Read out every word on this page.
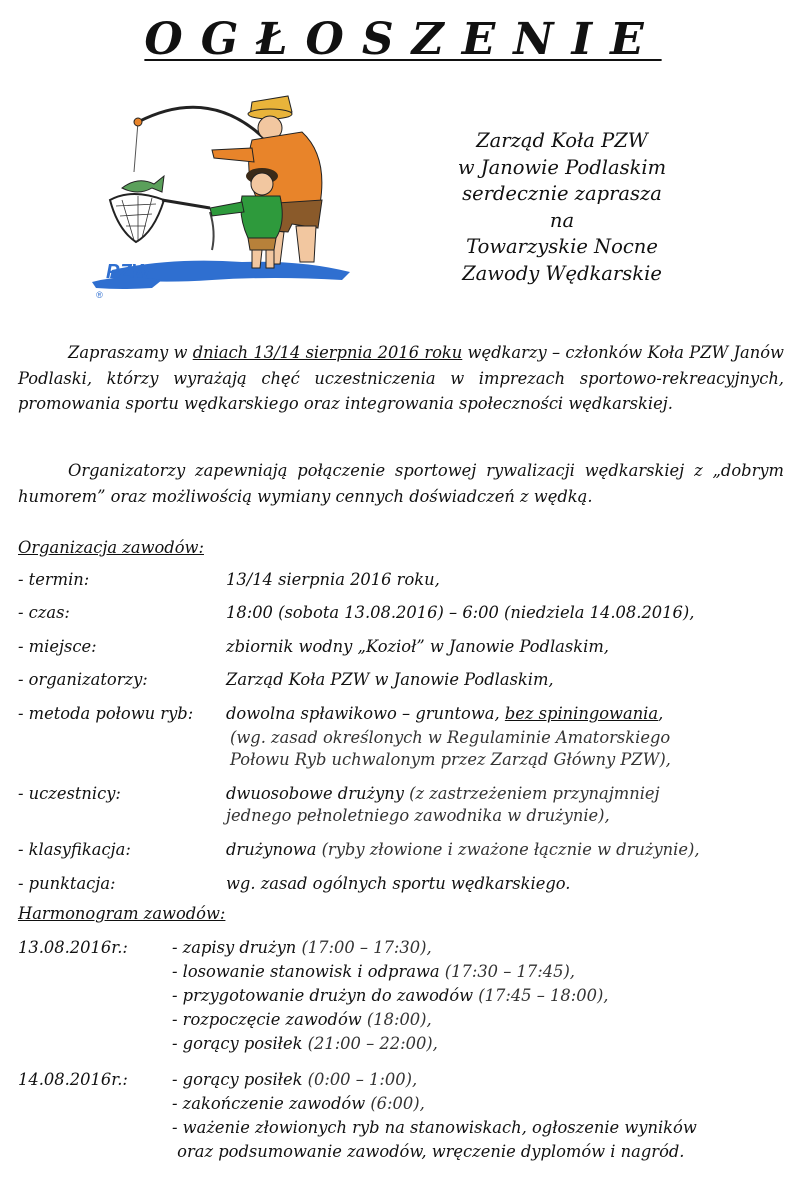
OGŁOSZENIE
PZW
®
Zarząd Koła PZW
w Janowie Podlaskim
serdecznie zaprasza
na
Towarzyskie Nocne
Zawody Wędkarskie
Zapraszamy w dniach 13/14 sierpnia 2016 roku wędkarzy – członków Koła PZW Janów Podlaski, którzy wyrażają chęć uczestniczenia w imprezach sportowo-rekreacyjnych, promowania sportu wędkarskiego oraz integrowania społeczności wędkarskiej.
Organizatorzy zapewniają połączenie sportowej rywalizacji wędkarskiej z „dobrym humorem” oraz możliwością wymiany cennych doświadczeń z wędką.
Organizacja zawodów:
- termin:	13/14 sierpnia 2016 roku,
- czas:	18:00 (sobota 13.08.2016) – 6:00 (niedziela 14.08.2016),
- miejsce:	zbiornik wodny „Kozioł” w Janowie Podlaskim,
- organizatorzy:	Zarząd Koła PZW w Janowie Podlaskim,
- metoda połowu ryb: dowolna spławikowo – gruntowa, bez spiningowania,
(wg. zasad określonych w Regulaminie Amatorskiego
Połowu Ryb uchwalonym przez Zarząd Główny PZW),
- uczestnicy:	dwuosobowe drużyny (z zastrzeżeniem przynajmniej
jednego pełnoletniego zawodnika w drużynie),
- klasyfikacja:	drużynowa (ryby złowione i zważone łącznie w drużynie),
- punktacja:	wg. zasad ogólnych sportu wędkarskiego.
Harmonogram zawodów:
13.08.2016r.:	- zapisy drużyn (17:00 – 17:30),
- losowanie stanowisk i odprawa (17:30 – 17:45),
- przygotowanie drużyn do zawodów (17:45 – 18:00),
- rozpoczęcie zawodów (18:00),
- gorący posiłek (21:00 – 22:00),
14.08.2016r.:	- gorący posiłek (0:00 – 1:00),
- zakończenie zawodów (6:00),
- ważenie złowionych ryb na stanowiskach, ogłoszenie wyników
oraz podsumowanie zawodów, wręczenie dyplomów i nagród.
